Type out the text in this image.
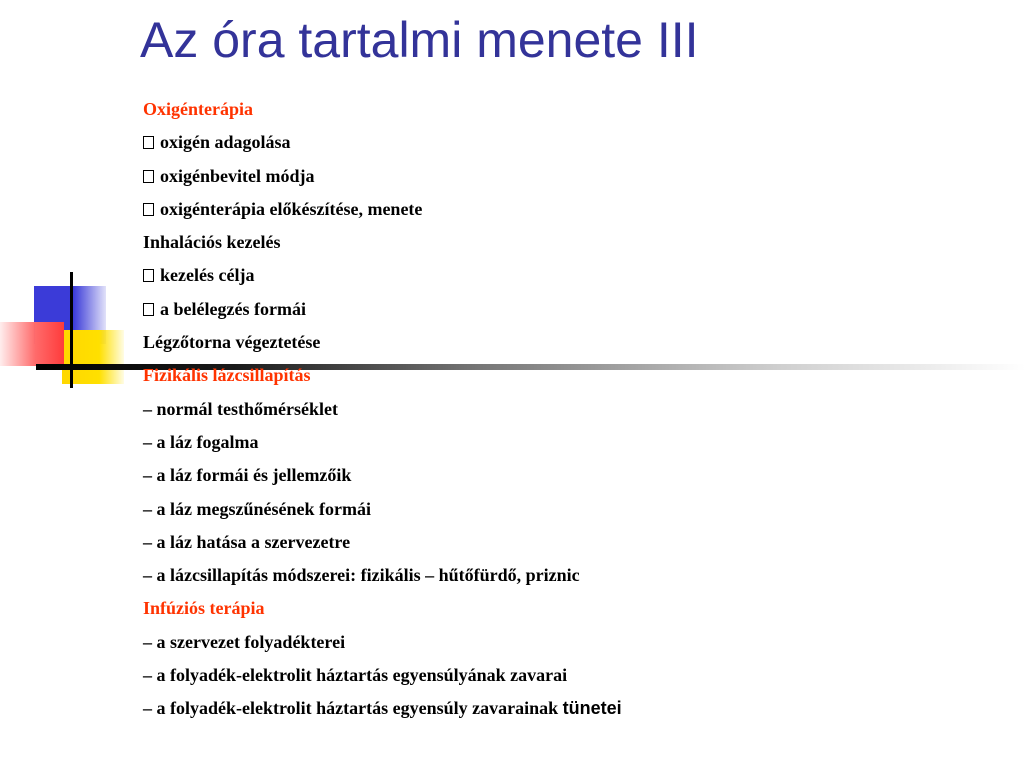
Az óra tartalmi menete III
Oxigénterápia
oxigén adagolása
oxigénbevitel módja
oxigénterápia előkészítése, menete
Inhalációs kezelés
kezelés célja
a belélegzés formái
Légzőtorna végeztetése
Fizikális lázcsillapítás
– normál testhőmérséklet
– a láz fogalma
– a láz formái és jellemzőik
– a láz megszűnésének formái
– a láz hatása a szervezetre
– a lázcsillapítás módszerei: fizikális – hűtőfürdő, priznic
Infúziós terápia
– a szervezet folyadékterei
– a folyadék-elektrolit háztartás egyensúlyának zavarai
– a folyadék-elektrolit háztartás egyensúly zavarainak tünetei
